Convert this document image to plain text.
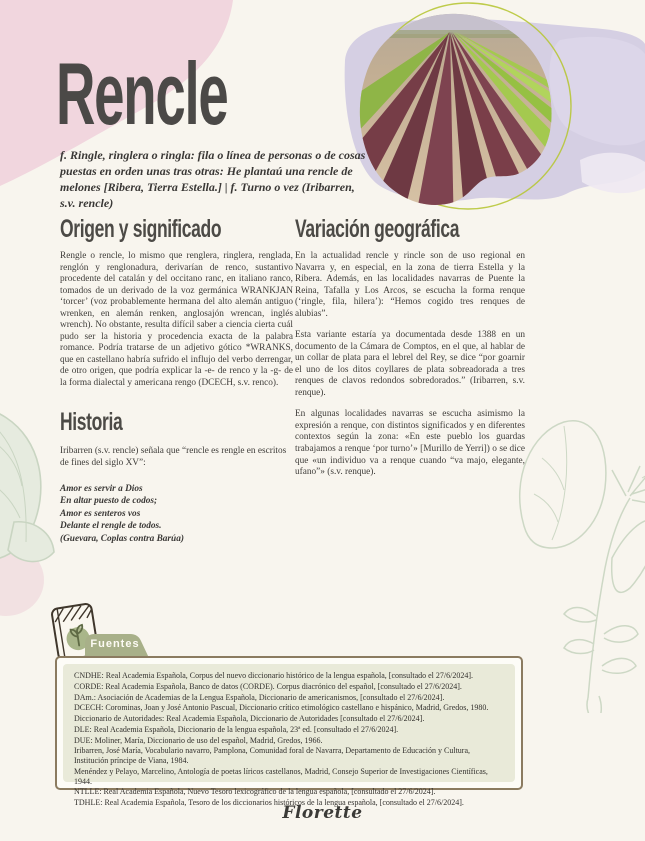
Rencle
f. Ringle, ringlera o ringla: fila o línea de personas o de cosas puestas en orden unas tras otras: He plantaú una rencle de melones [Ribera, Tierra Estella.] | f. Turno o vez (Iribarren, s.v. rencle)
Origen y significado

Rengle o rencle, lo mismo que renglera, ringlera, renglada, renglón y renglonadura, derivarían de renco, sustantivo procedente del catalán y del occitano ranc, en italiano ranco, tomados de un derivado de la voz germánica WRANKJAN ‘torcer’ (voz probablemente hermana del alto alemán antiguo wrenken, en alemán renken, anglosajón wrencan, inglés wrench). No obstante, resulta difícil saber a ciencia cierta cuál pudo ser la historia y procedencia exacta de la palabra romance. Podría tratarse de un adjetivo gótico *WRANKS, que en castellano habría sufrido el influjo del verbo derrengar, de otro origen, que podría explicar la -e- de renco y la -g- de la forma dialectal y americana rengo (DCECH, s.v. renco).

Historia

Iribarren (s.v. rencle) señala que “rencle es rengle en escritos de fines del siglo XV”:

Amor es servir a Dios
En altar puesto de codos;
Amor es senteros vos
Delante el rengle de todos.
(Guevara, Coplas contra Barúa)
Variación geográfica

En la actualidad rencle y rincle son de uso regional en Navarra y, en especial, en la zona de tierra Estella y la Ribera. Además, en las localidades navarras de Puente la Reina, Tafalla y Los Arcos, se escucha la forma renque (‘ringle, fila, hilera’): “Hemos cogido tres renques de alubias”.

Esta variante estaría ya documentada desde 1388 en un documento de la Cámara de Comptos, en el que, al hablar de un collar de plata para el lebrel del Rey, se dice “por goarnir el uno de los ditos coyllares de plata sobreadorada a tres renques de clavos redondos sobredorados.” (Iribarren, s.v. renque).

En algunas localidades navarras se escucha asimismo la expresión a renque, con distintos significados y en diferentes contextos según la zona: «En este pueblo los guardas trabajamos a renque ‘por turno’» [Murillo de Yerri]) o se dice que «un individuo va a renque cuando “va majo, elegante, ufano”» (s.v. renque).

Fuentes
CNDHE: Real Academia Española, Corpus del nuevo diccionario histórico de la lengua española, [consultado el 27/6/2024].
CORDE: Real Academia Española, Banco de datos (CORDE). Corpus diacrónico del español, [consultado el 27/6/2024].
DAm.: Asociación de Academias de la Lengua Española, Diccionario de americanismos, [consultado el 27/6/2024].
DCECH: Corominas, Joan y José Antonio Pascual, Diccionario crítico etimológico castellano e hispánico, Madrid, Gredos, 1980.
Diccionario de Autoridades: Real Academia Española, Diccionario de Autoridades [consultado el 27/6/2024].
DLE: Real Academia Española, Diccionario de la lengua española, 23ª ed. [consultado el 27/6/2024].
DUE: Moliner, María, Diccionario de uso del español, Madrid, Gredos, 1966.
Iribarren, José María, Vocabulario navarro, Pamplona, Comunidad foral de Navarra, Departamento de Educación y Cultura, Institución príncipe de Viana, 1984.
Menéndez y Pelayo, Marcelino, Antología de poetas líricos castellanos, Madrid, Consejo Superior de Investigaciones Científicas, 1944.
NTLLE: Real Academia Española, Nuevo Tesoro lexicográfico de la lengua española, [consultado el 27/6/2024].
TDHLE: Real Academia Española, Tesoro de los diccionarios históricos de la lengua española, [consultado el 27/6/2024].
Florette
